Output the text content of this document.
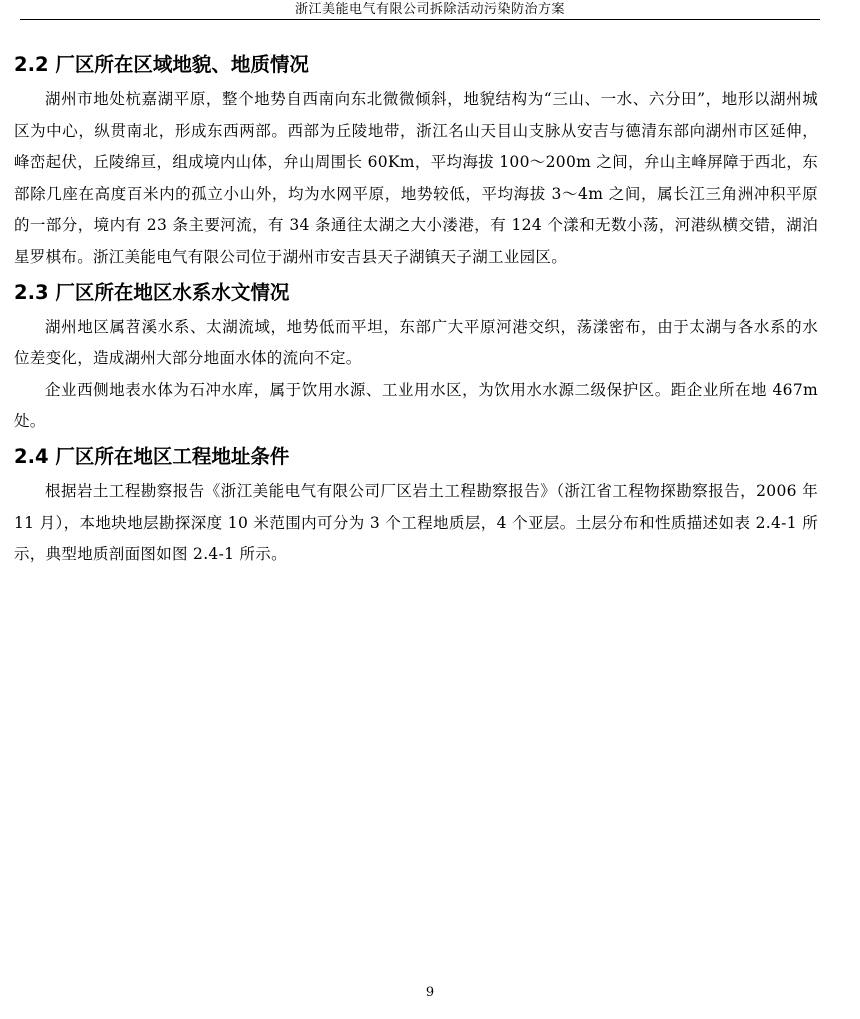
浙江美能电气有限公司拆除活动污染防治方案
2.2 厂区所在区域地貌、地质情况

湖州市地处杭嘉湖平原，整个地势自西南向东北微微倾斜，地貌结构为“三山、一水、六分田”，地形以湖州城区为中心，纵贯南北，形成东西两部。西部为丘陵地带，浙江名山天目山支脉从安吉与德清东部向湖州市区延伸，峰峦起伏，丘陵绵亘，组成境内山体，弁山周围长 60Km，平均海拔 100～200m 之间，弁山主峰屏障于西北，东部除几座在高度百米内的孤立小山外，均为水网平原，地势较低，平均海拔 3～4m 之间，属长江三角洲冲积平原的一部分，境内有 23 条主要河流，有 34 条通往太湖之大小溇港，有 124 个漾和无数小荡，河港纵横交错，湖泊星罗棋布。浙江美能电气有限公司位于湖州市安吉县天子湖镇天子湖工业园区。

2.3 厂区所在地区水系水文情况

湖州地区属苕溪水系、太湖流域，地势低而平坦，东部广大平原河港交织，荡漾密布，由于太湖与各水系的水位差变化，造成湖州大部分地面水体的流向不定。

企业西侧地表水体为石冲水库，属于饮用水源、工业用水区，为饮用水水源二级保护区。距企业所在地 467m 处。

2.4 厂区所在地区工程地址条件

根据岩土工程勘察报告《浙江美能电气有限公司厂区岩土工程勘察报告》（浙江省工程物探勘察报告，2006 年 11 月），本地块地层勘探深度 10 米范围内可分为 3 个工程地质层，4 个亚层。土层分布和性质描述如表 2.4-1 所示，典型地质剖面图如图 2.4-1 所示。

9
